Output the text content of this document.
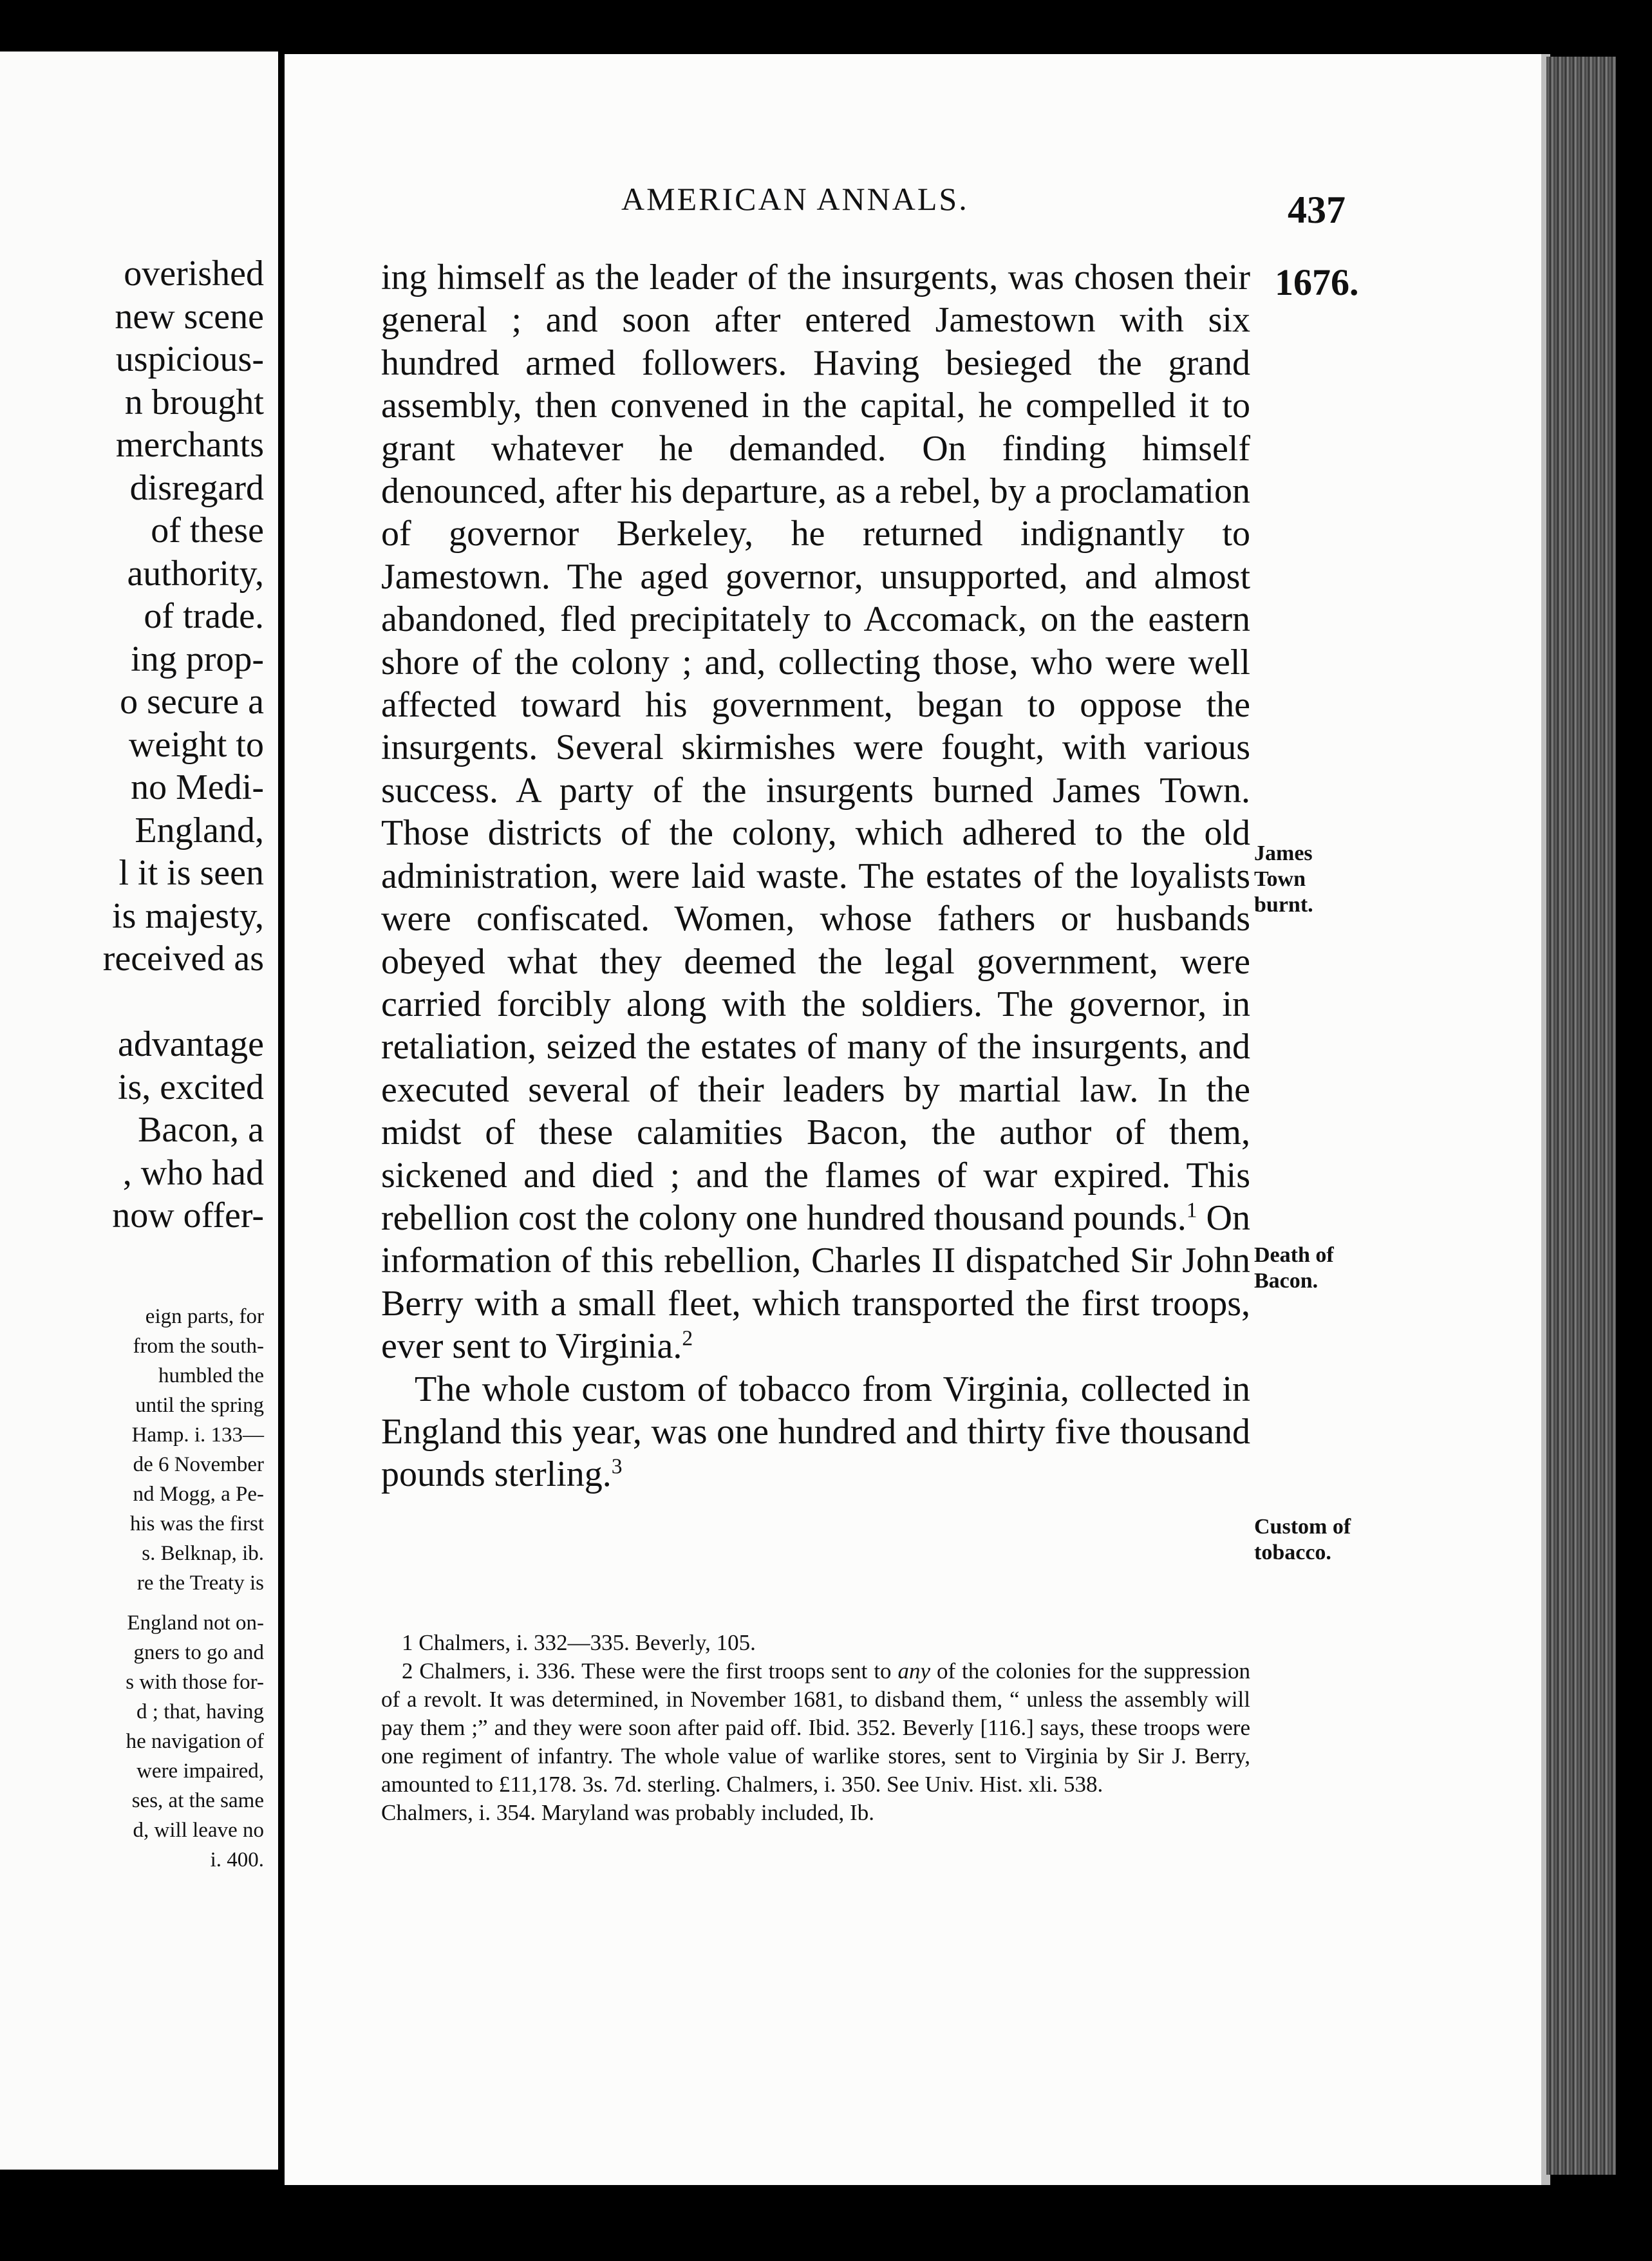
overished
new scene
uspicious-
n brought
merchants
disregard
of these
authority,
of trade.
ing prop-
o secure a
weight to
no Medi-
England,
l it is seen
is majesty,
received as

advantage
is, excited
Bacon, a
, who had
now offer-
eign parts, for
from the south-
humbled the
until the spring
Hamp. i. 133—
de 6 November
nd Mogg, a Pe-
his was the first
s. Belknap, ib.
re the Treaty is
England not on-
gners to go and
s with those for-
d ; that, having
he navigation of
were impaired,
ses, at the same
d, will leave no
i. 400.
AMERICAN ANNALS.	437
1676.

ing himself as the leader of the insurgents, was chosen their general ; and soon after entered Jamestown with six hundred armed followers. Having besieged the grand assembly, then convened in the capital, he compelled it to grant whatever he demanded. On finding himself denounced, after his departure, as a rebel, by a proclamation of governor Berkeley, he returned indignantly to Jamestown. The aged governor, unsupported, and almost abandoned, fled precipitately to Accomack, on the eastern shore of the colony ; and, collecting those, who were well affected toward his government, began to oppose the insurgents. Several skirmishes were fought, with various success. A party of the insurgents burned James Town. Those districts of the colony, which adhered to the old administration, were laid waste. The estates of the loyalists were confiscated. Women, whose fathers or husbands obeyed what they deemed the legal government, were carried forcibly along with the soldiers. The governor, in retaliation, seized the estates of many of the insurgents, and executed several of their leaders by martial law. In the midst of these calamities Bacon, the author of them, sickened and died ; and the flames of war expired. This rebellion cost the colony one hundred thousand pounds.$^1$ On information of this rebellion, Charles II dispatched Sir John Berry with a small fleet, which transported the first troops, ever sent to Virginia.$^2$

The whole custom of tobacco from Virginia, collected in England this year, was one hundred and thirty five thousand pounds sterling.$^3$

James
Town
burnt.
Death of
Bacon.
Custom of
tobacco.

1 Chalmers, i. 332—335. Beverly, 105.

2 Chalmers, i. 336. These were the first troops sent to any of the colonies for the suppression of a revolt. It was determined, in November 1681, to disband them, “ unless the assembly will pay them ;” and they were soon after paid off. Ibid. 352. Beverly [116.] says, these troops were one regiment of infantry. The whole value of warlike stores, sent to Virginia by Sir J. Berry, amounted to £11,178. 3s. 7d. sterling. Chalmers, i. 350. See Univ. Hist. xli. 538.

Chalmers, i. 354. Maryland was probably included, Ib.
